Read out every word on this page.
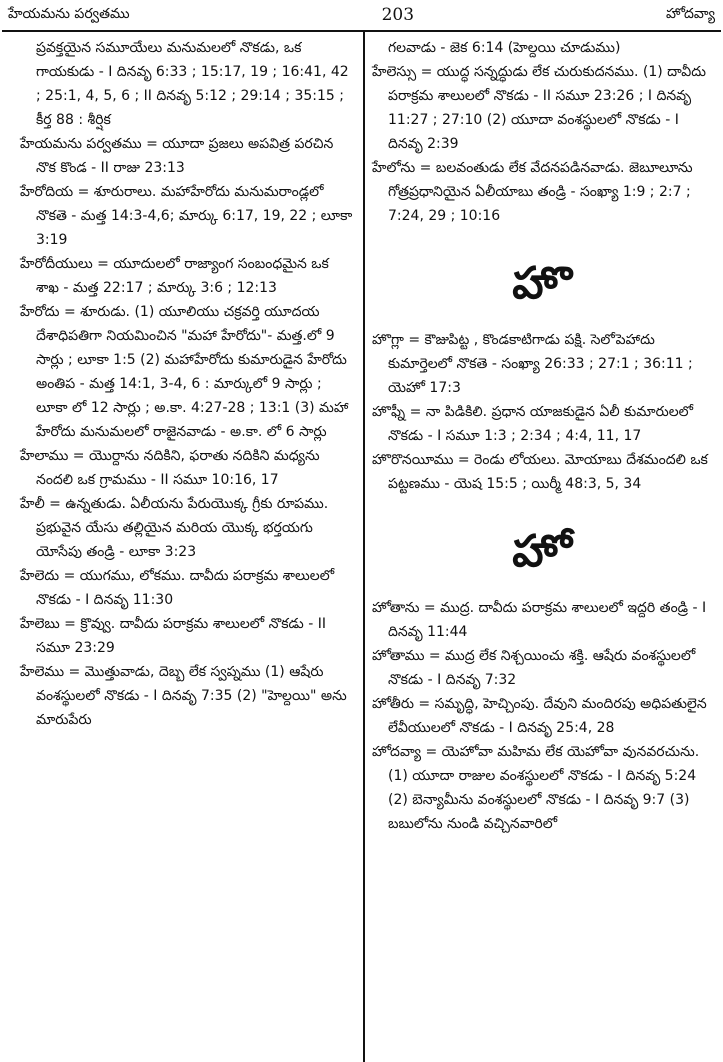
హేయమను పర్వతము	203	హోదవ్యా
ప్రవక్తయైన సమూయేలు మనుమలలో నొకడు, ఒక గాయకుడు - I దినవృ 6:33 ; 15:17, 19 ; 16:41, 42 ; 25:1, 4, 5, 6 ; II దినవృ 5:12 ; 29:14 ; 35:15 ; కీర్త 88 : శీర్షిక
హేయమను పర్వతము = యూదా ప్రజలు అపవిత్ర పరచిన నొక కొండ - II రాజు 23:13
హేరోదియ = శూరురాలు. మహాహేరోదు మనుమరాండ్లలో నొకతె - మత్త 14:3-4,6; మార్కు 6:17, 19, 22 ; లూకా 3:19
హేరోదీయులు = యూదులలో రాజ్యాంగ సంబంధమైన ఒక శాఖ - మత్త 22:17 ; మార్కు 3:6 ; 12:13
హేరోదు = శూరుడు. (1) యూలియు చక్రవర్తి యూదయ దేశాధిపతిగా నియమించిన "మహా హేరోదు"- మత్త.లో 9 సార్లు ; లూకా 1:5 (2) మహాహేరోదు కుమారుడైన హేరోదు అంతిప - మత్త 14:1, 3-4, 6 : మార్కులో 9 సార్లు ; లూకా లో 12 సార్లు ; అ.కా. 4:27-28 ; 13:1 (3) మహా హేరోదు మనుమలలో రాజైనవాడు - అ.కా. లో 6 సార్లు
హేలాము = యొర్దాను నదికిని, ఫరాతు నదికిని మధ్యను నందలి ఒక గ్రామము - II సమూ 10:16, 17
హేలీ = ఉన్నతుడు. ఏలీయను పేరుయొక్క గ్రీకు రూపము. ప్రభువైన యేసు తల్లియైన మరియ యొక్క భర్తయగు యోసేపు తండ్రి - లూకా 3:23
హేలెదు = యుగము, లోకము. దావీదు పరాక్రమ శాలులలో నొకడు - I దినవృ 11:30
హేలెబు = క్రొవ్వు. దావీదు పరాక్రమ శాలులలో నొకడు - II సమూ 23:29
హేలెము = మొత్తువాడు, దెబ్బ లేక స్వప్నము (1) ఆషేరు వంశస్థులలో నొకడు - I దినవృ 7:35 (2) "హెల్దయి" అను మారుపేరు
గలవాడు - జెక 6:14 (హెల్దయి చూడుము)
హేలెస్సు = యుద్ధ సన్నద్ధుడు లేక చురుకుదనము. (1) దావీదు పరాక్రమ శాలులలో నొకడు - II సమూ 23:26 ; I దినవృ 11:27 ; 27:10 (2) యూదా వంశస్థులలో నొకడు - I దినవృ 2:39
హేలోను = బలవంతుడు లేక వేదనపడినవాడు. జెబూలూను గోత్రప్రధానియైన ఏలీయాబు తండ్రి - సంఖ్యా 1:9 ; 2:7 ; 7:24, 29 ; 10:16
హొ
హొగ్లా = కౌజుపిట్ట , కొండకాటిగాడు పక్షి. సెలోపెహాదు కుమార్తెలలో నొకతె - సంఖ్యా 26:33 ; 27:1 ; 36:11 ; యెహో 17:3
హొఫ్నీ = నా పిడికిలి. ప్రధాన యాజకుడైన ఏలీ కుమారులలో నొకడు - I సమూ 1:3 ; 2:34 ; 4:4, 11, 17
హొరొనయీము = రెండు లోయలు. మోయాబు దేశమందలి ఒక పట్టణము - యెష 15:5 ; యిర్మీ 48:3, 5, 34
హో
హోతాను = ముద్ర. దావీదు పరాక్రమ శాలులలో ఇద్దరి తండ్రి - I దినవృ 11:44
హోతాము = ముద్ర లేక నిశ్చయించు శక్తి. ఆషేరు వంశస్థులలో నొకడు - I దినవృ 7:32
హోతీరు = సమృద్ధి, హెచ్చింపు. దేవుని మందిరపు అధిపతులైన లేవీయులలో నొకడు - I దినవృ 25:4, 28
హోదవ్యా = యెహోవా మహిమ లేక యెహోవా వునవరచును. (1) యూదా రాజుల వంశస్థులలో నొకడు - I దినవృ 5:24 (2) బెన్యామీను వంశస్థులలో నొకడు - I దినవృ 9:7 (3) బబులోను నుండి వచ్చినవారిలో
